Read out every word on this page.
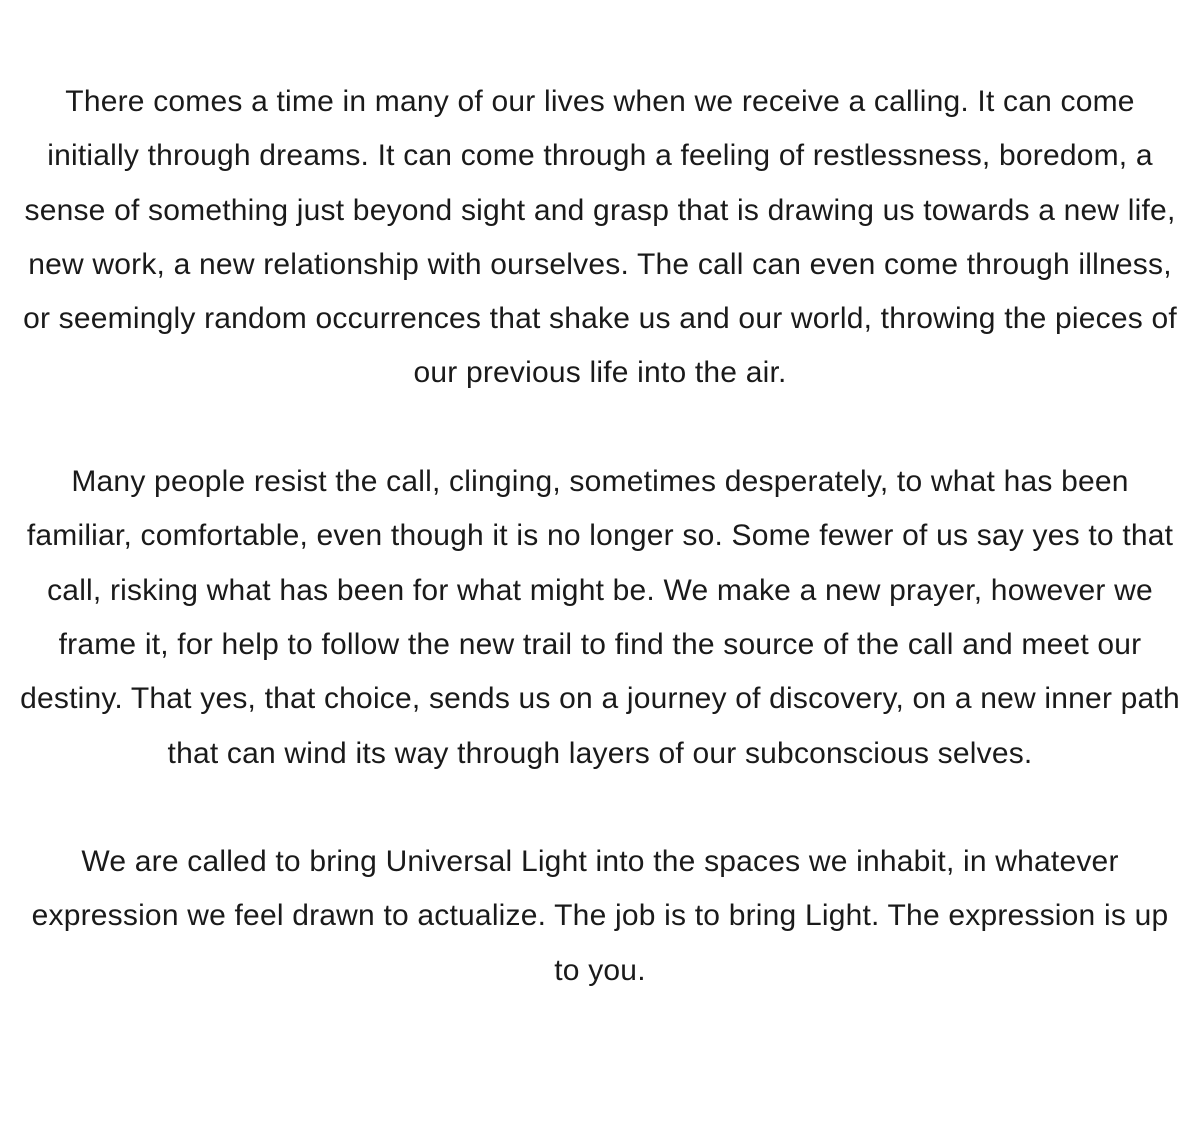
There comes a time in many of our lives when we receive a calling. It can come initially through dreams. It can come through a feeling of restlessness, boredom, a sense of something just beyond sight and grasp that is drawing us towards a new life, new work, a new relationship with ourselves. The call can even come through illness, or seemingly random occurrences that shake us and our world, throwing the pieces of our previous life into the air.

Many people resist the call, clinging, sometimes desperately, to what has been familiar, comfortable, even though it is no longer so. Some fewer of us say yes to that call, risking what has been for what might be. We make a new prayer, however we frame it, for help to follow the new trail to find the source of the call and meet our destiny. That yes, that choice, sends us on a journey of discovery, on a new inner path that can wind its way through layers of our subconscious selves.

We are called to bring Universal Light into the spaces we inhabit, in whatever expression we feel drawn to actualize. The job is to bring Light. The expression is up to you.
